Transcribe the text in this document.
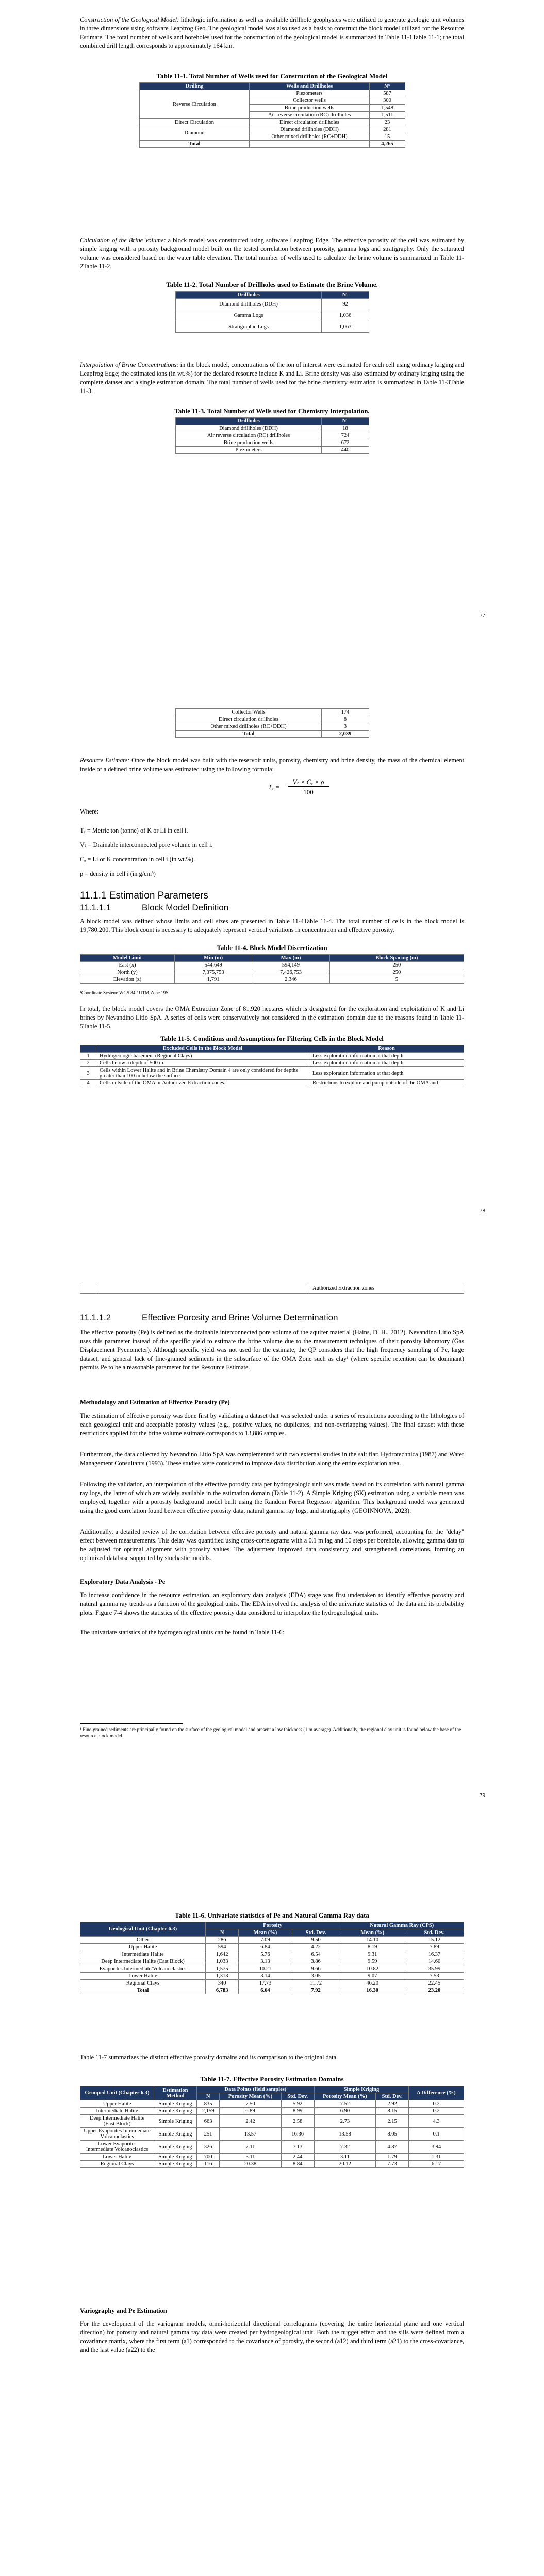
Construction of the Geological Model: lithologic information as well as available drillhole geophysics were utilized to generate geologic unit volumes in three dimensions using software Leapfrog Geo. The geological model was also used as a basis to construct the block model utilized for the Resource Estimate. The total number of wells and boreholes used for the construction of the geological model is summarized in Table 11-1Table 11-1; the total combined drill length corresponds to approximately 164 km.

Table 11-1. Total Number of Wells used for Construction of the Geological Model

Drilling	Wells and Drillholes	N°
Reverse Circulation	Piezometers	587
	Collector wells	300
	Brine production wells	1,548
	Air reverse circulation (RC) drillholes	1,511
Direct Circulation	Direct circulation drillholes	23
Diamond	Diamond drillholes (DDH)	281
	Other mixed drillholes (RC+DDH)	15
Total		4,265

Calculation of the Brine Volume: a block model was constructed using software Leapfrog Edge. The effective porosity of the cell was estimated by simple kriging with a porosity background model built on the tested correlation between porosity, gamma logs and stratigraphy. Only the saturated volume was considered based on the water table elevation. The total number of wells used to calculate the brine volume is summarized in Table 11-2Table 11-2.

Table 11-2. Total Number of Drillholes used to Estimate the Brine Volume.

Drillholes	N°
Diamond drillholes (DDH)	92
Gamma Logs	1,036
Stratigraphic Logs	1,063

Interpolation of Brine Concentrations: in the block model, concentrations of the ion of interest were estimated for each cell using ordinary kriging and Leapfrog Edge; the estimated ions (in wt.%) for the declared resource include K and Li. Brine density was also estimated by ordinary kriging using the complete dataset and a single estimation domain. The total number of wells used for the brine chemistry estimation is summarized in Table 11-3Table 11-3.

Table 11-3. Total Number of Wells used for Chemistry Interpolation.

Drillholes	N°
Diamond drillholes (DDH)	18
Air reverse circulation (RC) drillholes	724
Brine production wells	672
Piezometers	440
77
Collector Wells	174
Direct circulation drillholes	8
Other mixed drillholes (RC+DDH)	3
Total	2,039

Resource Estimate: Once the block model was built with the reservoir units, porosity, chemistry and brine density, the mass of the chemical element inside of a defined brine volume was estimated using the following formula:

Tₑ =
Vₜ × Cₑ × ρ
100
Where:
Tₑ = Metric ton (tonne) of K or Li in cell i.
Vₜ = Drainable interconnected pore volume in cell i.
Cₑ = Li or K concentration in cell i (in wt.%).
ρ = density in cell i (in g/cm³)
11.1.1 Estimation Parameters
11.1.1.1	Block Model Definition

A block model was defined whose limits and cell sizes are presented in Table 11-4Table 11-4. The total number of cells in the block model is 19,780,200. This block count is necessary to adequately represent vertical variations in concentration and effective porosity.

Table 11-4. Block Model Discretization

Model Limit	Min (m)	Max (m)	Block Spacing (m)
East (x)	544,649	594,149	250
North (y)	7,375,753	7,426,753	250
Elevation (z)	1,791	2,346	5
¹Coordinate System: WGS 84 / UTM Zone 19S

In total, the block model covers the OMA Extraction Zone of 81,920 hectares which is designated for the exploration and exploitation of K and Li brines by Nevandino Litio SpA. A series of cells were conservatively not considered in the estimation domain due to the reasons found in Table 11-5Table 11-5.

Table 11-5. Conditions and Assumptions for Filtering Cells in the Block Model

	Excluded Cells in the Block Model	Reason
1	Hydrogeologic basement (Regional Clays)	Less exploration information at that depth
2	Cells below a depth of 500 m.	Less exploration information at that depth
3	Cells within Lower Halite and in Brine Chemistry Domain 4 are only considered for depths greater than 100 m below the surface.	Less exploration information at that depth
4	Cells outside of the OMA or Authorized Extraction zones.	Restrictions to explore and pump outside of the OMA and
78
		Authorized Extraction zones
11.1.1.2	Effective Porosity and Brine Volume Determination

The effective porosity (Pe) is defined as the drainable interconnected pore volume of the aquifer material (Hains, D. H., 2012). Nevandino Litio SpA uses this parameter instead of the specific yield to estimate the brine volume due to the measurement techniques of their porosity laboratory (Gas Displacement Pycnometer). Although specific yield was not used for the estimate, the QP considers that the high frequency sampling of Pe, large dataset, and general lack of fine-grained sediments in the subsurface of the OMA Zone such as clay¹ (where specific retention can be dominant) permits Pe to be a reasonable parameter for the Resource Estimate.

Methodology and Estimation of Effective Porosity (Pe)

The estimation of effective porosity was done first by validating a dataset that was selected under a series of restrictions according to the lithologies of each geological unit and acceptable porosity values (e.g., positive values, no duplicates, and non-overlapping values). The final dataset with these restrictions applied for the brine volume estimate corresponds to 13,886 samples.

Furthermore, the data collected by Nevandino Litio SpA was complemented with two external studies in the salt flat: Hydrotechnica (1987) and Water Management Consultants (1993). These studies were considered to improve data distribution along the entire exploration area.

Following the validation, an interpolation of the effective porosity data per hydrogeologic unit was made based on its correlation with natural gamma ray logs, the latter of which are widely available in the estimation domain (Table 11-2). A Simple Kriging (SK) estimation using a variable mean was employed, together with a porosity background model built using the Random Forest Regressor algorithm. This background model was generated using the good correlation found between effective porosity data, natural gamma ray logs, and stratigraphy (GEOINNOVA, 2023).

Additionally, a detailed review of the correlation between effective porosity and natural gamma ray data was performed, accounting for the "delay" effect between measurements. This delay was quantified using cross-correlograms with a 0.1 m lag and 10 steps per borehole, allowing gamma data to be adjusted for optimal alignment with porosity values. The adjustment improved data consistency and strengthened correlations, forming an optimized database supported by stochastic models.

Exploratory Data Analysis - Pe

To increase confidence in the resource estimation, an exploratory data analysis (EDA) stage was first undertaken to identify effective porosity and natural gamma ray trends as a function of the geological units. The EDA involved the analysis of the univariate statistics of the data and its probability plots. Figure 7-4 shows the statistics of the effective porosity data considered to interpolate the hydrogeological units.

The univariate statistics of the hydrogeological units can be found in Table 11-6:

¹ Fine-grained sediments are principally found on the surface of the geological model and present a low thickness (1 m average). Additionally, the regional clay unit is found below the base of the resource block model.

79

Table 11-6. Univariate statistics of Pe and Natural Gamma Ray data

Geological Unit (Chapter 6.3)	Porosity			Natural Gamma Ray (CPS)	
	N	Mean (%)	Std. Dev.	Mean (%)	Std. Dev.
Other	286	7.09	9.50	14.10	15.12
Upper Halite	594	6.84	4.22	8.19	7.89
Intermediate Halite	1,642	5.76	6.54	9.31	16.37
Deep Intermediate Halite (East Block)	1,033	3.13	3.86	9.59	14.60
Evaporites Intermediate/Volcanoclastics	1,575	10.21	9.66	10.82	35.99
Lower Halite	1,313	3.14	3.05	9.07	7.53
Regional Clays	340	17.73	11.72	46.20	22.45
Total	6,783	6.64	7.92	16.30	23.20

Table 11-7 summarizes the distinct effective porosity domains and its comparison to the original data.

Table 11-7. Effective Porosity Estimation Domains

Grouped Unit (Chapter 6.3)	Estimation Method	Data Points (field samples)			Simple Kriging		Δ Difference (%)
		N	Porosity Mean (%)	Std. Dev.	Porosity Mean (%)	Std. Dev.	
Upper Halite	Simple Kriging	835	7.50	5.92	7.52	2.92	0.2
Intermediate Halite	Simple Kriging	2,159	6.89	8.99	6.90	8.15	0.2
Deep Intermediate Halite (East Block)	Simple Kriging	663	2.42	2.58	2.73	2.15	4.3
Upper Evaporites Intermediate Volcanoclastics	Simple Kriging	251	13.57	16.36	13.58	8.05	0.1
Lower Evaporites Intermediate Volcanoclastics	Simple Kriging	326	7.11	7.13	7.32	4.87	3.94
Lower Halite	Simple Kriging	700	3.11	2.44	3.11	1.79	1.31
Regional Clays	Simple Kriging	116	20.38	8.84	20.12	7.73	6.17

Variography and Pe Estimation

For the development of the variogram models, omni-horizontal directional correlograms (covering the entire horizontal plane and one vertical direction) for porosity and natural gamma ray data were created per hydrogeological unit. Both the nugget effect and the sills were defined from a covariance matrix, where the first term (a1) corresponded to the covariance of porosity, the second (a12) and third term (a21) to the cross-covariance, and the last value (a22) to the
